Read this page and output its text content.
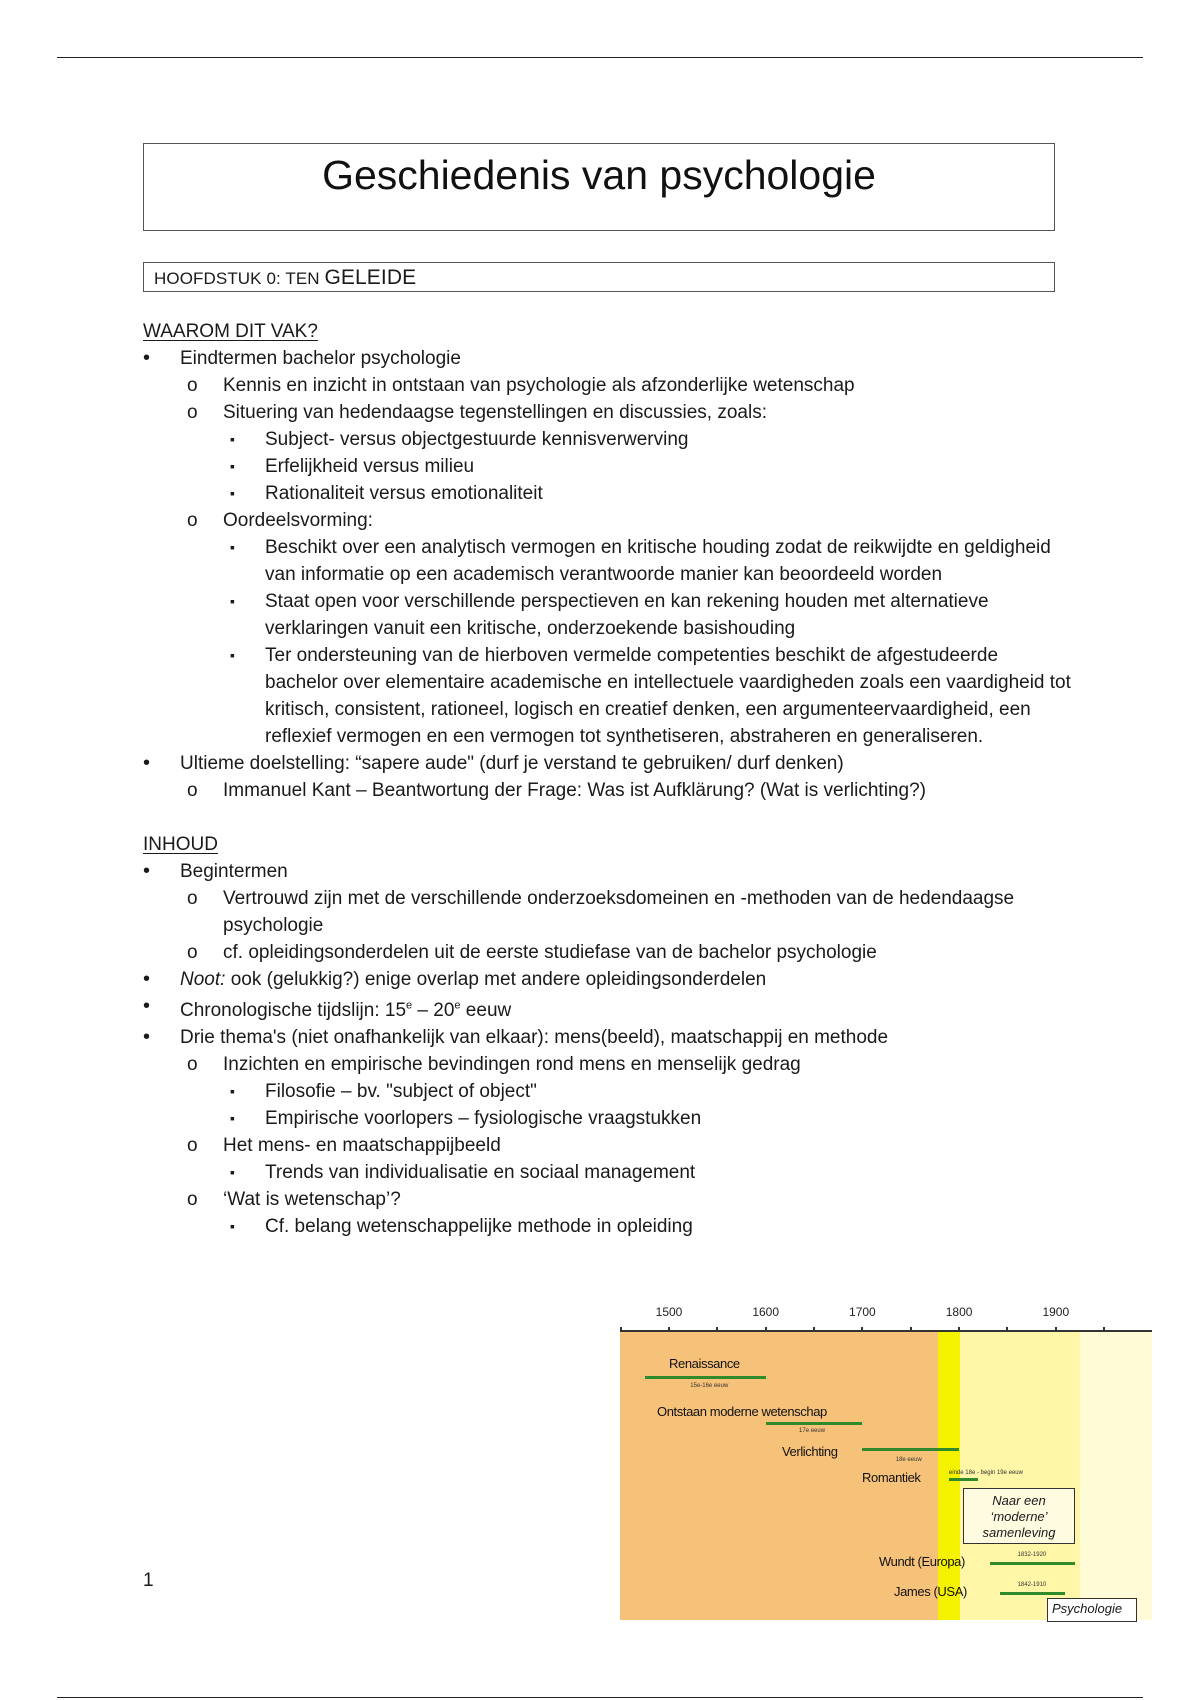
Geschiedenis van psychologie
HOOFDSTUK 0: TEN GELEIDE

WAAROM DIT VAK?

• Eindtermen bachelor psychologie
o Kennis en inzicht in ontstaan van psychologie als afzonderlijke wetenschap
o Situering van hedendaagse tegenstellingen en discussies, zoals:
▪ Subject- versus objectgestuurde kennisverwerving
▪ Erfelijkheid versus milieu
▪ Rationaliteit versus emotionaliteit
o Oordeelsvorming:
▪ Beschikt over een analytisch vermogen en kritische houding zodat de reikwijdte en geldigheid van informatie op een academisch verantwoorde manier kan beoordeeld worden
▪ Staat open voor verschillende perspectieven en kan rekening houden met alternatieve verklaringen vanuit een kritische, onderzoekende basishouding
▪ Ter ondersteuning van de hierboven vermelde competenties beschikt de afgestudeerde bachelor over elementaire academische en intellectuele vaardigheden zoals een vaardigheid tot kritisch, consistent, rationeel, logisch en creatief denken, een argumenteervaardigheid, een reflexief vermogen en een vermogen tot synthetiseren, abstraheren en generaliseren.
• Ultieme doelstelling: “sapere aude" (durf je verstand te gebruiken/ durf denken)
o Immanuel Kant – Beantwortung der Frage: Was ist Aufklärung? (Wat is verlichting?)

INHOUD

• Begintermen
o Vertrouwd zijn met de verschillende onderzoeksdomeinen en -methoden van de hedendaagse psychologie
o cf. opleidingsonderdelen uit de eerste studiefase van de bachelor psychologie
• Noot: ook (gelukkig?) enige overlap met andere opleidingsonderdelen
• Chronologische tijdslijn: 15e – 20e eeuw
• Drie thema's (niet onafhankelijk van elkaar): mens(beeld), maatschappij en methode
o Inzichten en empirische bevindingen rond mens en menselijk gedrag
▪ Filosofie – bv. "subject of object"
▪ Empirische voorlopers – fysiologische vraagstukken
o Het mens- en maatschappijbeeld
▪ Trends van individualisatie en sociaal management
o ‘Wat is wetenschap’?
▪ Cf. belang wetenschappelijke methode in opleiding
1
1500	1600	1700	1800	1900
Renaissance
15e-16e eeuw
Ontstaan moderne wetenschap
17e eeuw
Verlichting
18e eeuw
Romantiek	einde 18e - begin 19e eeuw
Wundt (Europa)	1832-1920
James (USA)	1842-1910
Naar een
‘moderne’
samenleving
Psychologie
